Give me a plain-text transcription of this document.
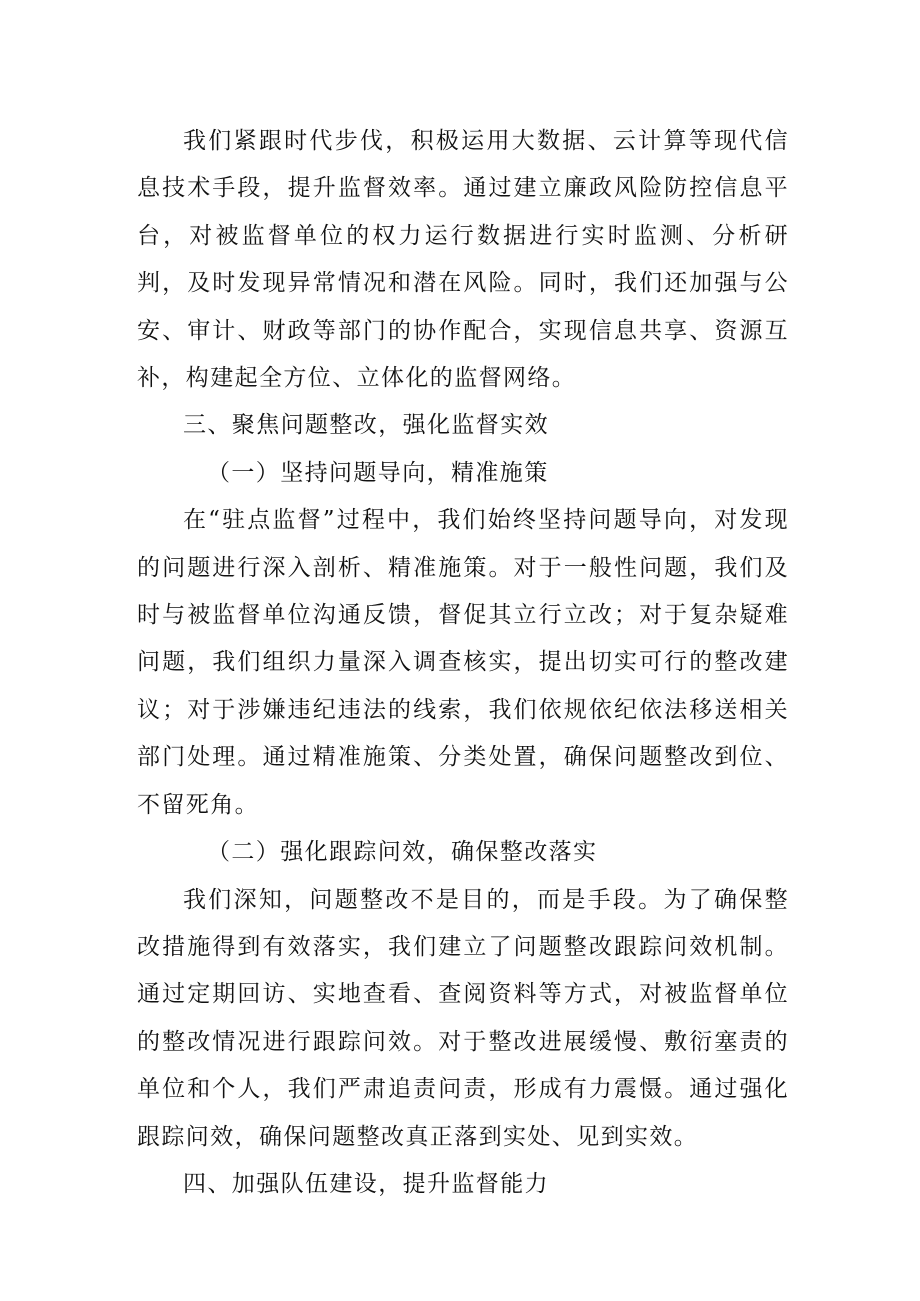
我们紧跟时代步伐，积极运用大数据、云计算等现代信息技术手段，提升监督效率。通过建立廉政风险防控信息平台，对被监督单位的权力运行数据进行实时监测、分析研判，及时发现异常情况和潜在风险。同时，我们还加强与公安、审计、财政等部门的协作配合，实现信息共享、资源互补，构建起全方位、立体化的监督网络。

三、聚焦问题整改，强化监督实效

（一）坚持问题导向，精准施策

在“驻点监督”过程中，我们始终坚持问题导向，对发现的问题进行深入剖析、精准施策。对于一般性问题，我们及时与被监督单位沟通反馈，督促其立行立改；对于复杂疑难问题，我们组织力量深入调查核实，提出切实可行的整改建议；对于涉嫌违纪违法的线索，我们依规依纪依法移送相关部门处理。通过精准施策、分类处置，确保问题整改到位、不留死角。

（二）强化跟踪问效，确保整改落实

我们深知，问题整改不是目的，而是手段。为了确保整改措施得到有效落实，我们建立了问题整改跟踪问效机制。通过定期回访、实地查看、查阅资料等方式，对被监督单位的整改情况进行跟踪问效。对于整改进展缓慢、敷衍塞责的单位和个人，我们严肃追责问责，形成有力震慑。通过强化跟踪问效，确保问题整改真正落到实处、见到实效。

四、加强队伍建设，提升监督能力
